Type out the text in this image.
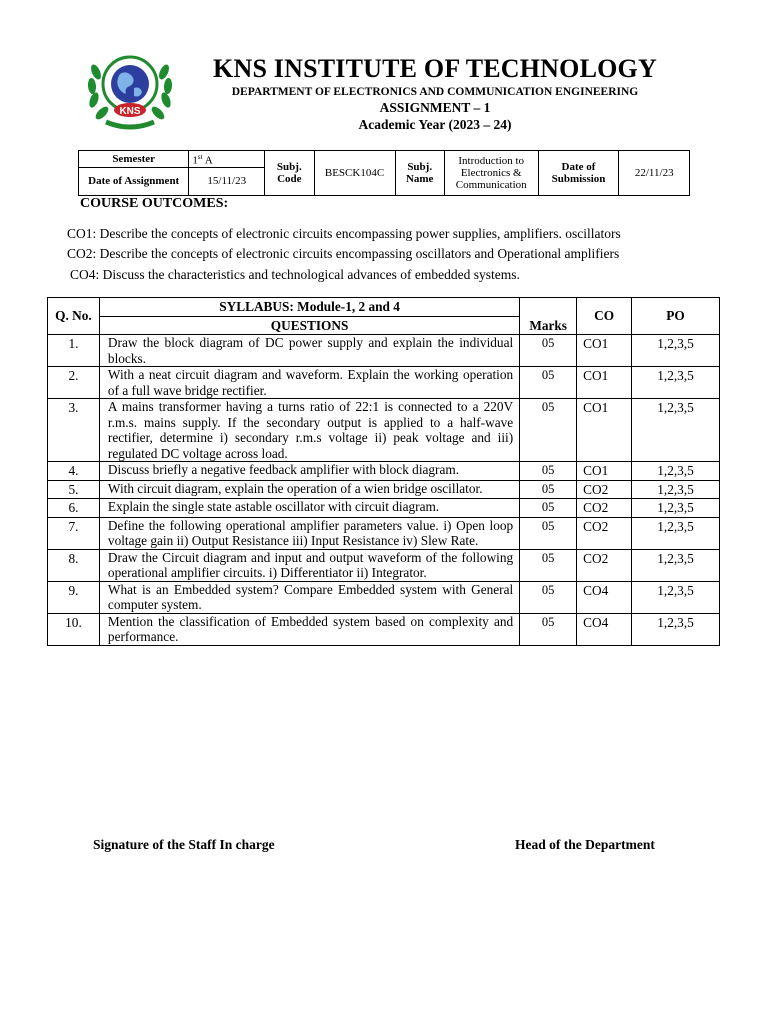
KNS
KNS INSTITUTE OF TECHNOLOGY
DEPARTMENT OF ELECTRONICS AND COMMUNICATION ENGINEERING
ASSIGNMENT – 1
Academic Year (2023 – 24)
Semester	1st A	Subj. Code	BESCK104C	Subj. Name	Introduction to Electronics & Communication	Date of Submission	22/11/23
Date of Assignment	15/11/23						
COURSE OUTCOMES:
CO1: Describe the concepts of electronic circuits encompassing power supplies, amplifiers. oscillators
CO2: Describe the concepts of electronic circuits encompassing oscillators and Operational amplifiers
CO4: Discuss the characteristics and technological advances of embedded systems.
Q. No.	SYLLABUS: Module-1, 2 and 4	Marks	CO	PO
	QUESTIONS			
1.	Draw the block diagram of DC power supply and explain the individual blocks.	05	CO1	1,2,3,5
2.	With a neat circuit diagram and waveform. Explain the working operation of a full wave bridge rectifier.	05	CO1	1,2,3,5
3.	A mains transformer having a turns ratio of 22:1 is connected to a 220V r.m.s. mains supply. If the secondary output is applied to a half-wave rectifier, determine i) secondary r.m.s voltage ii) peak voltage and iii) regulated DC voltage across load.	05	CO1	1,2,3,5
4.	Discuss briefly a negative feedback amplifier with block diagram.	05	CO1	1,2,3,5
5.	With circuit diagram, explain the operation of a wien bridge oscillator.	05	CO2	1,2,3,5
6.	Explain the single state astable oscillator with circuit diagram.	05	CO2	1,2,3,5
7.	Define the following operational amplifier parameters value. i) Open loop voltage gain ii) Output Resistance iii) Input Resistance iv) Slew Rate.	05	CO2	1,2,3,5
8.	Draw the Circuit diagram and input and output waveform of the following operational amplifier circuits. i) Differentiator ii) Integrator.	05	CO2	1,2,3,5
9.	What is an Embedded system? Compare Embedded system with General computer system.	05	CO4	1,2,3,5
10.	Mention the classification of Embedded system based on complexity and performance.	05	CO4	1,2,3,5
Signature of the Staff In charge	Head of the Department
